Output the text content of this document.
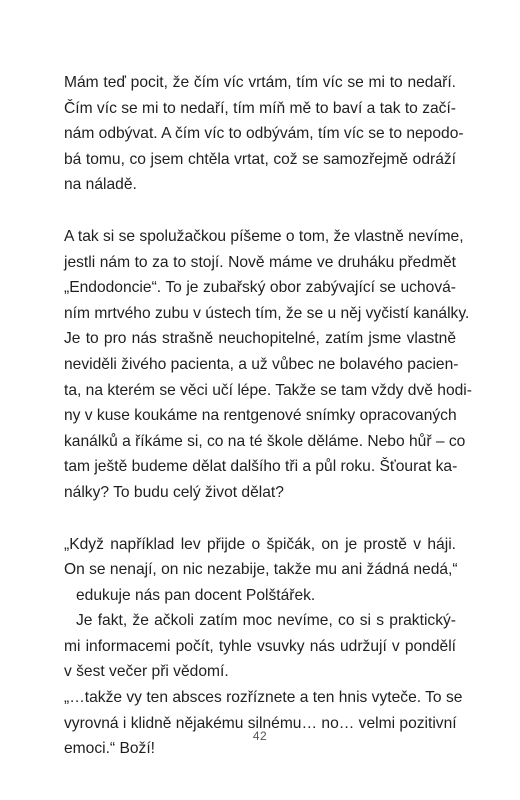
Mám teď pocit, že čím víc vrtám, tím víc se mi to nedaří.
Čím víc se mi to nedaří, tím míň mě to baví a tak to začí-
nám odbývat. A čím víc to odbývám, tím víc se to nepodo-
bá tomu, co jsem chtěla vrtat, což se samozřejmě odráží
na náladě.

A tak si se spolužačkou píšeme o tom, že vlastně nevíme,
jestli nám to za to stojí. Nově máme ve druháku předmět
„Endodoncie“. To je zubařský obor zabývající se uchová-
ním mrtvého zubu v ústech tím, že se u něj vyčistí kanálky.
Je to pro nás strašně neuchopitelné, zatím jsme vlastně
neviděli živého pacienta, a už vůbec ne bolavého pacien-
ta, na kterém se věci učí lépe. Takže se tam vždy dvě hodi-
ny v kuse koukáme na rentgenové snímky opracovaných
kanálků a říkáme si, co na té škole děláme. Nebo hůř – co
tam ještě budeme dělat dalšího tři a půl roku. Šťourat ka-
nálky? To budu celý život dělat?

„Když například lev přijde o špičák, on je prostě v háji.
On se nenají, on nic nezabije, takže mu ani žádná nedá,“
edukuje nás pan docent Polštářek.

Je fakt, že ačkoli zatím moc nevíme, co si s praktický-
mi informacemi počít, tyhle vsuvky nás udržují v pondělí
v šest večer při vědomí.

„…takže vy ten absces rozříznete a ten hnis vyteče. To se
vyrovná i klidně nějakému silnému… no… velmi pozitivní
emoci.“ Boží!

42
